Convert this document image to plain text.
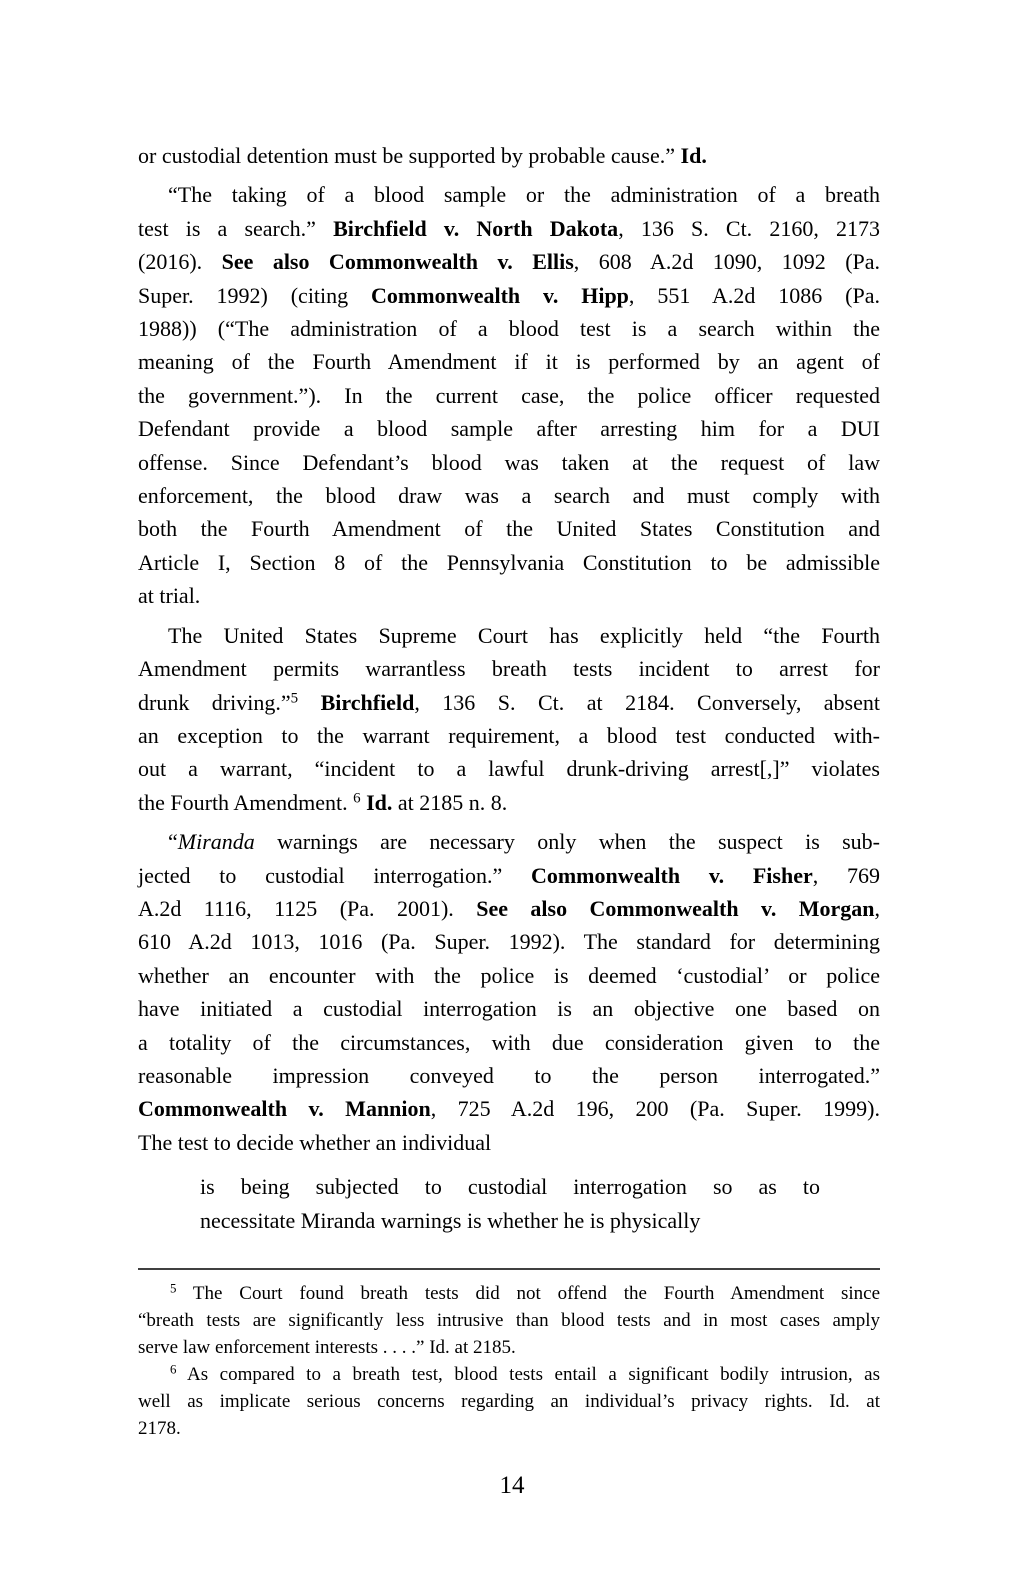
or custodial detention must be supported by probable cause.” Id.
“The taking of a blood sample or the administration of a breath
test is a search.” Birchfield v. North Dakota, 136 S. Ct. 2160, 2173
(2016). See also Commonwealth v. Ellis, 608 A.2d 1090, 1092 (Pa.
Super. 1992) (citing Commonwealth v. Hipp, 551 A.2d 1086 (Pa.
1988)) (“The administration of a blood test is a search within the
meaning of the Fourth Amendment if it is performed by an agent of
the government.”). In the current case, the police officer requested
Defendant provide a blood sample after arresting him for a DUI
offense. Since Defendant’s blood was taken at the request of law
enforcement, the blood draw was a search and must comply with
both the Fourth Amendment of the United States Constitution and
Article I, Section 8 of the Pennsylvania Constitution to be admissible
at trial.
The United States Supreme Court has explicitly held “the Fourth
Amendment permits warrantless breath tests incident to arrest for
drunk driving.”$^5$ Birchfield, 136 S. Ct. at 2184. Conversely, absent
an exception to the warrant requirement, a blood test conducted with-
out a warrant, “incident to a lawful drunk-driving arrest[,]” violates
the Fourth Amendment. $^6$ Id. at 2185 n. 8.
“Miranda warnings are necessary only when the suspect is sub-
jected to custodial interrogation.” Commonwealth v. Fisher, 769
A.2d 1116, 1125 (Pa. 2001). See also Commonwealth v. Morgan,
610 A.2d 1013, 1016 (Pa. Super. 1992). The standard for determining
whether an encounter with the police is deemed ‘custodial’ or police
have initiated a custodial interrogation is an objective one based on
a totality of the circumstances, with due consideration given to the
reasonable impression conveyed to the person interrogated.”
Commonwealth v. Mannion, 725 A.2d 196, 200 (Pa. Super. 1999).
The test to decide whether an individual
is being subjected to custodial interrogation so as to
necessitate Miranda warnings is whether he is physically
$^5$ The Court found breath tests did not offend the Fourth Amendment since
“breath tests are significantly less intrusive than blood tests and in most cases amply
serve law enforcement interests . . . .” Id. at 2185.
$^6$ As compared to a breath test, blood tests entail a significant bodily intrusion, as
well as implicate serious concerns regarding an individual’s privacy rights. Id. at
2178.
14
